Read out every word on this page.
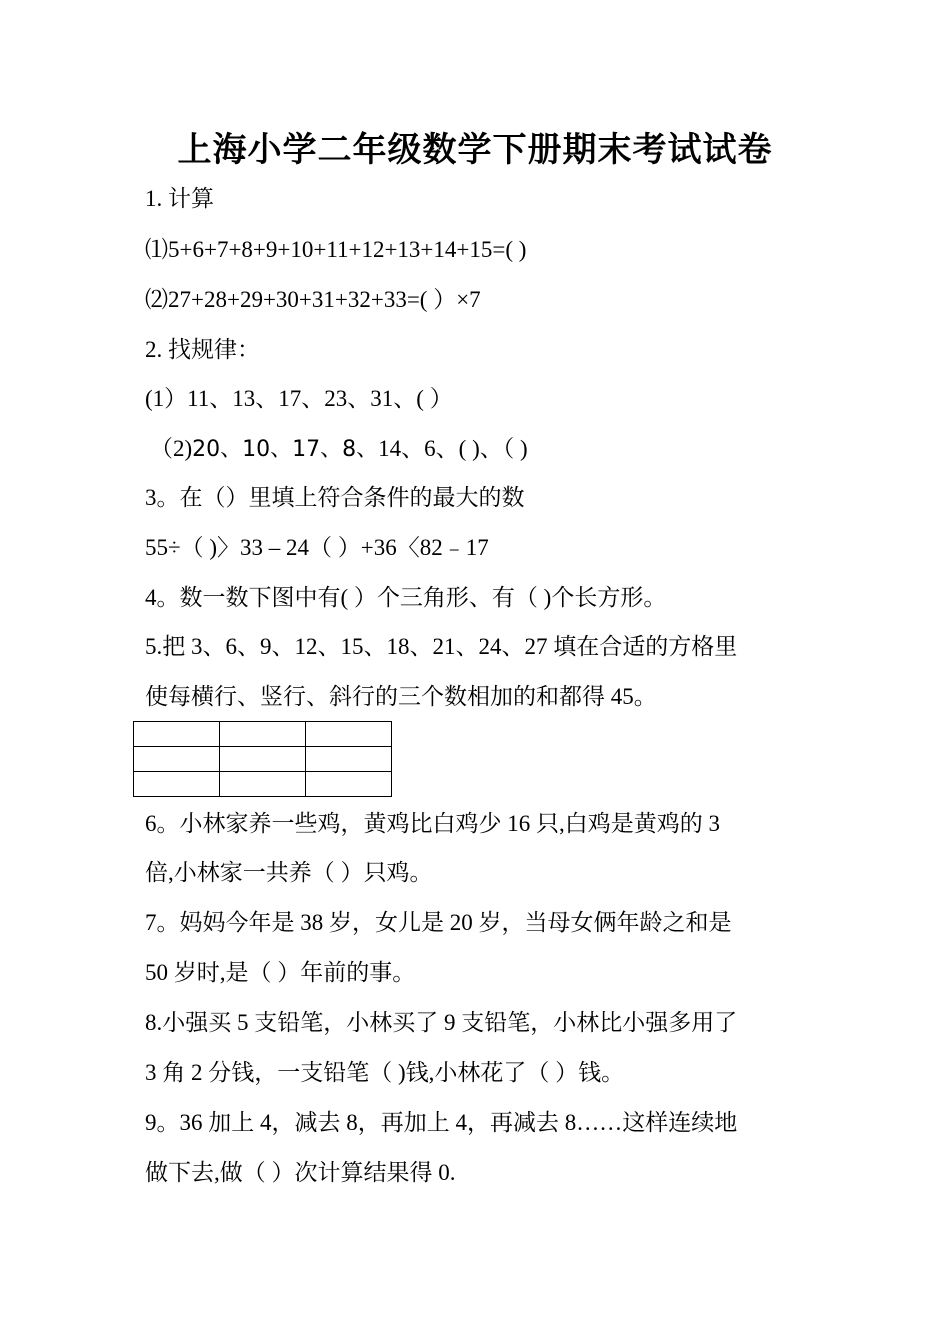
上海小学二年级数学下册期末考试试卷
1. 计算
⑴5+6+7+8+9+10+11+12+13+14+15=( )
⑵27+28+29+30+31+32+33=( ）×7
2. 找规律：
(1）11、13、17、23、31、( ）
（2)20、10、17、8、14、6、( )、（ )
3。在（）里填上符合条件的最大的数
55÷（ )〉33 – 24（ ）+36〈82﹣17
4。数一数下图中有( ）个三角形、有（ )个长方形。
5.把 3、6、9、12、15、18、21、24、27 填在合适的方格里
使每横行、竖行、斜行的三个数相加的和都得 45。

6。小林家养一些鸡，黄鸡比白鸡少 16 只,白鸡是黄鸡的 3
倍,小林家一共养（ ）只鸡。
7。妈妈今年是 38 岁，女儿是 20 岁，当母女俩年龄之和是
50 岁时,是（ ）年前的事。
8.小强买 5 支铅笔，小林买了 9 支铅笔，小林比小强多用了
3 角 2 分钱，一支铅笔（ )钱,小林花了（ ）钱。
9。36 加上 4，减去 8，再加上 4，再减去 8……这样连续地
做下去,做（ ）次计算结果得 0.
